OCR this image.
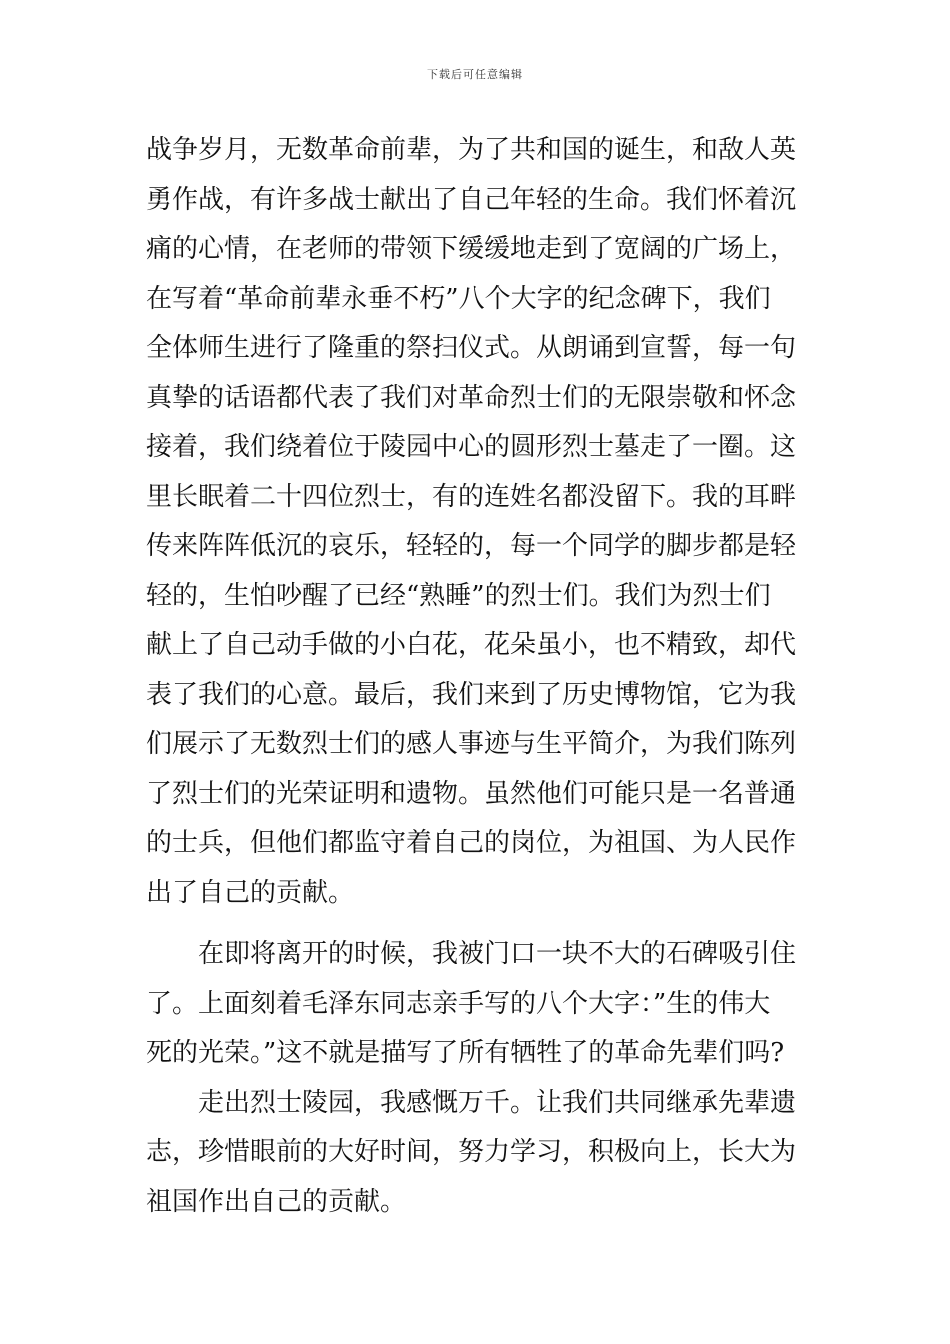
下载后可任意编辑
战争岁月，无数革命前辈，为了共和国的诞生，和敌人英
勇作战，有许多战士献出了自己年轻的生命。我们怀着沉
痛的心情，在老师的带领下缓缓地走到了宽阔的广场上，
在写着“革命前辈永垂不朽”八个大字的纪念碑下，我们
全体师生进行了隆重的祭扫仪式。从朗诵到宣誓，每一句
真挚的话语都代表了我们对革命烈士们的无限崇敬和怀念
接着，我们绕着位于陵园中心的圆形烈士墓走了一圈。这
里长眠着二十四位烈士，有的连姓名都没留下。我的耳畔
传来阵阵低沉的哀乐，轻轻的，每一个同学的脚步都是轻
轻的，生怕吵醒了已经“熟睡”的烈士们。我们为烈士们
献上了自己动手做的小白花，花朵虽小，也不精致，却代
表了我们的心意。最后，我们来到了历史博物馆，它为我
们展示了无数烈士们的感人事迹与生平简介，为我们陈列
了烈士们的光荣证明和遗物。虽然他们可能只是一名普通
的士兵，但他们都监守着自己的岗位，为祖国、为人民作
出了自己的贡献。
在即将离开的时候，我被门口一块不大的石碑吸引住
了。上面刻着毛泽东同志亲手写的八个大字：”生的伟大
死的光荣。”这不就是描写了所有牺牲了的革命先辈们吗?
走出烈士陵园，我感慨万千。让我们共同继承先辈遗
志，珍惜眼前的大好时间，努力学习，积极向上，长大为
祖国作出自己的贡献。
